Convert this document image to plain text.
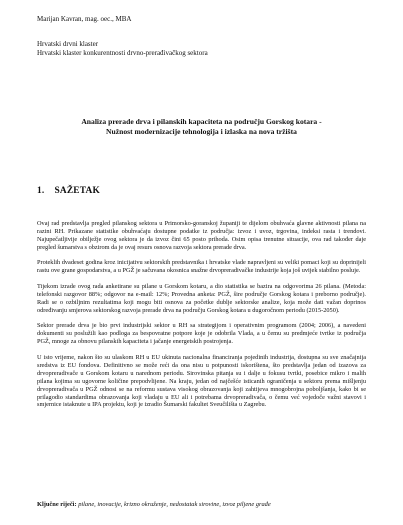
Marijan Kavran, mag. oec., MBA
Hrvatski drvni klaster
Hrvatski klaster konkurentnosti drvno-prerađivačkog sektora
Analiza prerade drva i pilanskih kapaciteta na području Gorskog kotara -
Nužnost modernizacije tehnologija i izlaska na nova tržišta
1. SAŽETAK

Ovaj rad predstavlja pregled pilanskog sektora u Primorsko-goranskoj županiji te dijelom obuhvaća glavne aktivnosti pilana na razini RH. Prikazane statistike obuhvaćaju dostupne podatke iz područja: izvoz i uvoz, trgovina, indeksi rasta i trendovi. Najupečatljivije obilježje ovog sektora je da izvoz čini 65 posto prihoda. Osim opisa trenutne situacije, ova rad također daje pregled šumarstva s obzirom da je ovaj resurs osnova razvoja sektora prerade drva.

Proteklih dvadeset godina kroz inicijativu sektorskih predstavnika i hrvatske vlade napravljeni su veliki pomaci koji su doprinijeli rastu ove grane gospodarstva, a u PGŽ je sačuvana okosnica snažne drvopreradivačke industrije koja još uvijek stabilno posluje.

Tijekom izrade ovog rada anketirane su pilane u Gorskom kotaru, a dio statistika se bazira na odgovorima 26 pilana. (Metoda: telefonski razgovor 88%; odgovor na e-mail: 12%; Provedna anketa: PGŽ, šire područje Gorskog kotara i preborno područje). Radi se o ozbiljnim rezultatima koji mogu biti osnova za početke dublje sektorske analize, koja može dati važan doprinos određivanju smjerova sektorskog razvoja prerade drva na području Gorskog kotara u dugoročnom periodu (2015-2050).

Sektor prerade drva je bio prvi industrijski sektor u RH sa strategijom i operativnim programom (2004; 2006), a navedeni dokumenti su poslužili kao podloga za bespovratne potpore koje je odobrila Vlada, a u čemu su predmjeće tvrtke iz područja PGŽ, mnoge za obnovu pilanskih kapaciteta i jačanje energetskih postrojenja.

U isto vrijeme, nakon što su ulaskom RH u EU ukinuta nacionalna financiranja pojedinih industrija, dostupna su sve značajnija sredstva iz EU fondova. Definitivno se može reći da ona nisu u potpunosti iskorištena, što predstavlja jedan od izazova za drvopreradivače u Gorskom kotaru u narednom periodu. Sirovinska pitanja su i dalje u fokusu tvrtki, posebice mikro i malih pilana kojima su ugovorne količine prepodvlijene. Na kraju, jedan od najčešće isticanih ograničenja u sektoru prema mišljenju drvopreradivača u PGŽ odnosi se na reformu sustava visokog obrazovanja koji zahtijeva mnogobrojna poboljšanja, kako bi se prilagodio standardima obrazovanja koji vladaju u EU ali i potrebama drvopreradivača, o čemu već vojedoče važni stavovi i smjernice istaknute u IPA projektu, koji je izradio Šumarski fakultet Sveučilišta u Zagrebu.

Ključne riječi: pilane, inovacije, krizno okruženje, nedostatak sirovine, izvoz piljene građe
